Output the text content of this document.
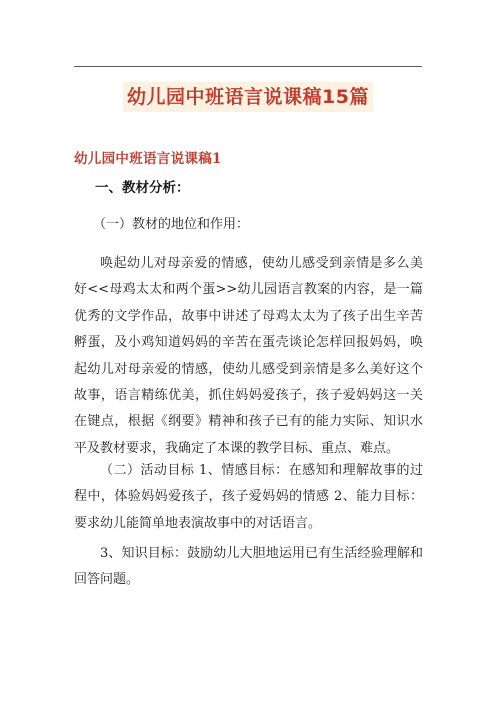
幼儿园中班语言说课稿15篇
幼儿园中班语言说课稿1
一、教材分析：
（一）教材的地位和作用：

唤起幼儿对母亲爱的情感，使幼儿感受到亲情是多么美好<<母鸡太太和两个蛋>>幼儿园语言教案的内容，是一篇优秀的文学作品，故事中讲述了母鸡太太为了孩子出生辛苦孵蛋，及小鸡知道妈妈的辛苦在蛋壳谈论怎样回报妈妈，唤起幼儿对母亲爱的情感，使幼儿感受到亲情是多么美好这个故事，语言精练优美，抓住妈妈爱孩子，孩子爱妈妈这一关在键点，根据《纲要》精神和孩子已有的能力实际、知识水平及教材要求，我确定了本课的教学目标、重点、难点。

（二）活动目标 1、情感目标：在感知和理解故事的过程中，体验妈妈爱孩子，孩子爱妈妈的情感 2、能力目标：要求幼儿能简单地表演故事中的对话语言。

3、知识目标：鼓励幼儿大胆地运用已有生活经验理解和回答问题。
